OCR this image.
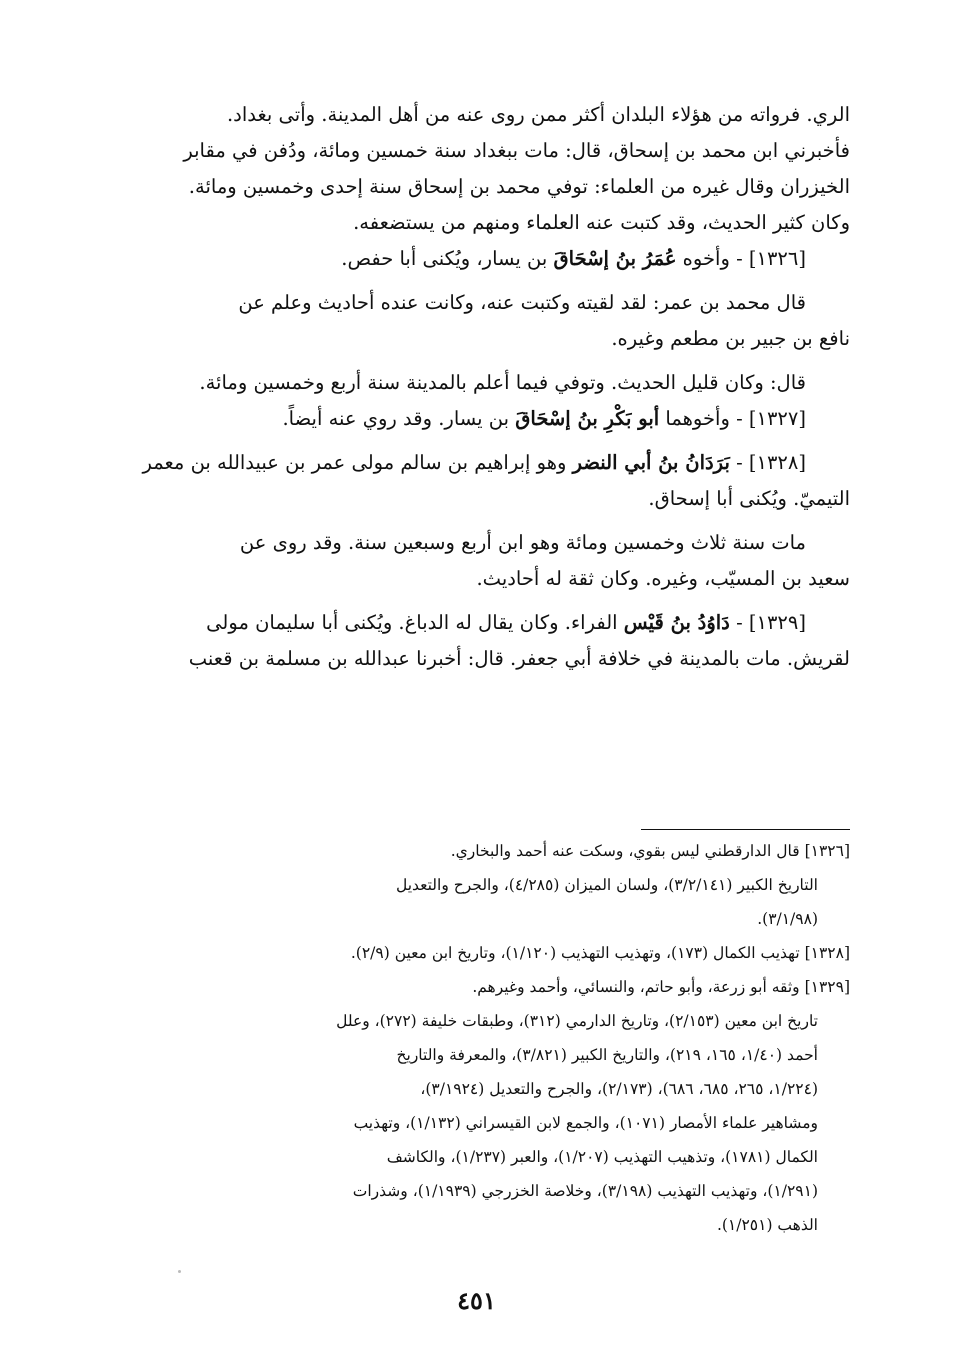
الري. فرواته من هؤلاء البلدان أكثر ممن روى عنه من أهل المدينة. وأتى بغداد.
فأخبرني ابن محمد بن إسحاق، قال: مات ببغداد سنة خمسين ومائة، ودُفن في مقابر
الخيزران وقال غيره من العلماء: توفي محمد بن إسحاق سنة إحدى وخمسين ومائة.
وكان كثير الحديث، وقد كتبت عنه العلماء ومنهم من يستضعفه.
[١٣٢٦] - وأخوه عُمَرُ بنُ إسْحَاقَ بن يسار، ويُكنى أبا حفص.
قال محمد بن عمر: لقد لقيته وكتبت عنه، وكانت عنده أحاديث وعلم عن
نافع بن جبير بن مطعم وغيره.
قال: وكان قليل الحديث. وتوفي فيما أعلم بالمدينة سنة أربع وخمسين ومائة.
[١٣٢٧] - وأخوهما أبو بَكْرِ بنُ إسْحَاقَ بن يسار. وقد روي عنه أيضاً.
[١٣٢٨] - بَرَدَانُ بنُ أبي النضر وهو إبراهيم بن سالم مولى عمر بن عبيدالله بن معمر
التيميّ. ويُكنى أبا إسحاق.
مات سنة ثلاث وخمسين ومائة وهو ابن أربع وسبعين سنة. وقد روى عن
سعيد بن المسيّب، وغيره. وكان ثقة له أحاديث.
[١٣٢٩] - دَاوُدُ بنُ قَيْس الفراء. وكان يقال له الدباغ. ويُكنى أبا سليمان مولى
لقريش. مات بالمدينة في خلافة أبي جعفر. قال: أخبرنا عبدالله بن مسلمة بن قعنب
[١٣٢٦] قال الدارقطني ليس بقوي، وسكت عنه أحمد والبخاري.
التاريخ الكبير (٣/٢/١٤١)، ولسان الميزان (٤/٢٨٥)، والجرح والتعديل
(٣/١/٩٨).
[١٣٢٨] تهذيب الكمال (١٧٣)، وتهذيب التهذيب (١/١٢٠)، وتاريخ ابن معين (٢/٩).
[١٣٢٩] وثقه أبو زرعة، وأبو حاتم، والنسائي، وأحمد وغيرهم.
تاريخ ابن معين (٢/١٥٣)، وتاريخ الدارمي (٣١٢)، وطبقات خليفة (٢٧٢)، وعلل
أحمد (١/٤٠، ١٦٥، ٢١٩)، والتاريخ الكبير (٣/٨٢١)، والمعرفة والتاريخ
(١/٢٢٤، ٢٦٥، ٦٨٥، ٦٨٦)، (٢/١٧٣)، والجرح والتعديل (٣/١٩٢٤)،
ومشاهير علماء الأمصار (١٠٧١)، والجمع لابن القيسراني (١/١٣٢)، وتهذيب
الكمال (١٧٨١)، وتذهيب التهذيب (١/٢٠٧)، والعبر (١/٢٣٧)، والكاشف
(١/٢٩١)، وتهذيب التهذيب (٣/١٩٨)، وخلاصة الخزرجي (١/١٩٣٩)، وشذرات
الذهب (١/٢٥١).
٤٥١
